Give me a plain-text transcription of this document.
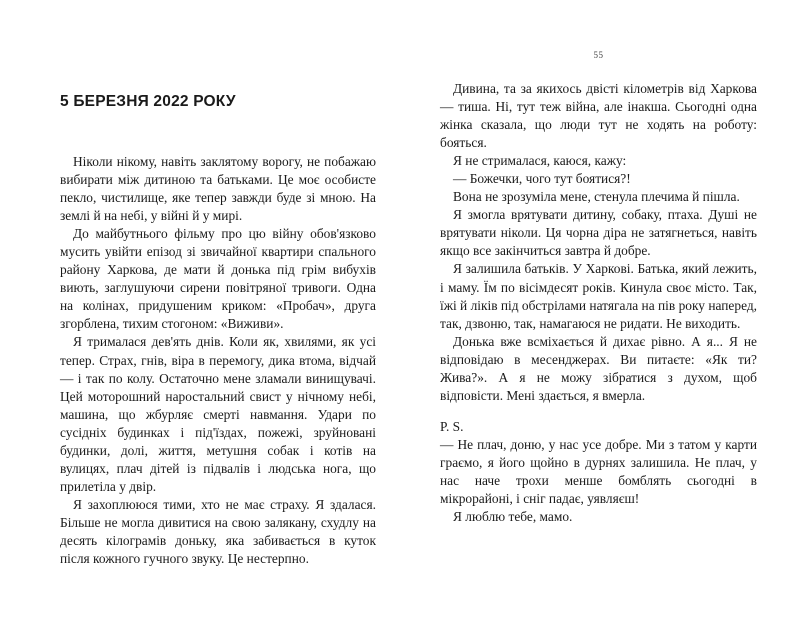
5 БЕРЕЗНЯ 2022 РОКУ

Ніколи нікому, навіть заклятому ворогу, не побажаю вибирати між дитиною та батьками. Це моє особисте пекло, чистилище, яке тепер завжди буде зі мною. На землі й на небі, у війні й у мирі.

До майбутнього фільму про цю війну обов'язково мусить увійти епізод зі звичайної квартири спального району Харкова, де мати й донька під грім вибухів виють, заглушуючи сирени повітряної тривоги. Одна на колінах, придушеним криком: «Пробач», друга згорблена, тихим стогоном: «Виживи».

Я трималася дев'ять днів. Коли як, хвилями, як усі тепер. Страх, гнів, віра в перемогу, дика втома, відчай — і так по колу. Остаточно мене зламали винищувачі. Цей моторошний наростальний свист у нічному небі, машина, що жбурляє смерті навмання. Удари по сусідніх будинках і під'їздах, пожежі, зруйновані будинки, долі, життя, метушня собак і котів на вулицях, плач дітей із підвалів і людська нога, що прилетіла у двір.

Я захоплююся тими, хто не має страху. Я здалася. Більше не могла дивитися на свою залякану, схудлу на десять кілограмів доньку, яка забивається в куток після кожного гучного звуку. Це нестерпно.

55

Дивина, та за якихось двісті кілометрів від Харкова — тиша. Ні, тут теж війна, але інакша. Сьогодні одна жінка сказала, що люди тут не ходять на роботу: бояться.

Я не стрималася, каюся, кажу:

— Божечки, чого тут боятися?!

Вона не зрозуміла мене, стенула плечима й пішла.

Я змогла врятувати дитину, собаку, птаха. Душі не врятувати ніколи. Ця чорна діра не затягнеться, навіть якщо все закінчиться завтра й добре.

Я залишила батьків. У Харкові. Батька, який лежить, і маму. Їм по вісімдесят років. Кинула своє місто. Так, їжі й ліків під обстрілами натягала на пів року наперед, так, дзвоню, так, намагаюся не ридати. Не виходить.

Донька вже всміхається й дихає рівно. А я... Я не відповідаю в месенджерах. Ви питаєте: «Як ти? Жива?». А я не можу зібратися з духом, щоб відповісти. Мені здається, я вмерла.

P. S.

— Не плач, доню, у нас усе добре. Ми з татом у карти граємо, я його щойно в дурнях залишила. Не плач, у нас наче трохи менше бомблять сьогодні в мікрорайоні, і сніг падає, уявляєш!

Я люблю тебе, мамо.
